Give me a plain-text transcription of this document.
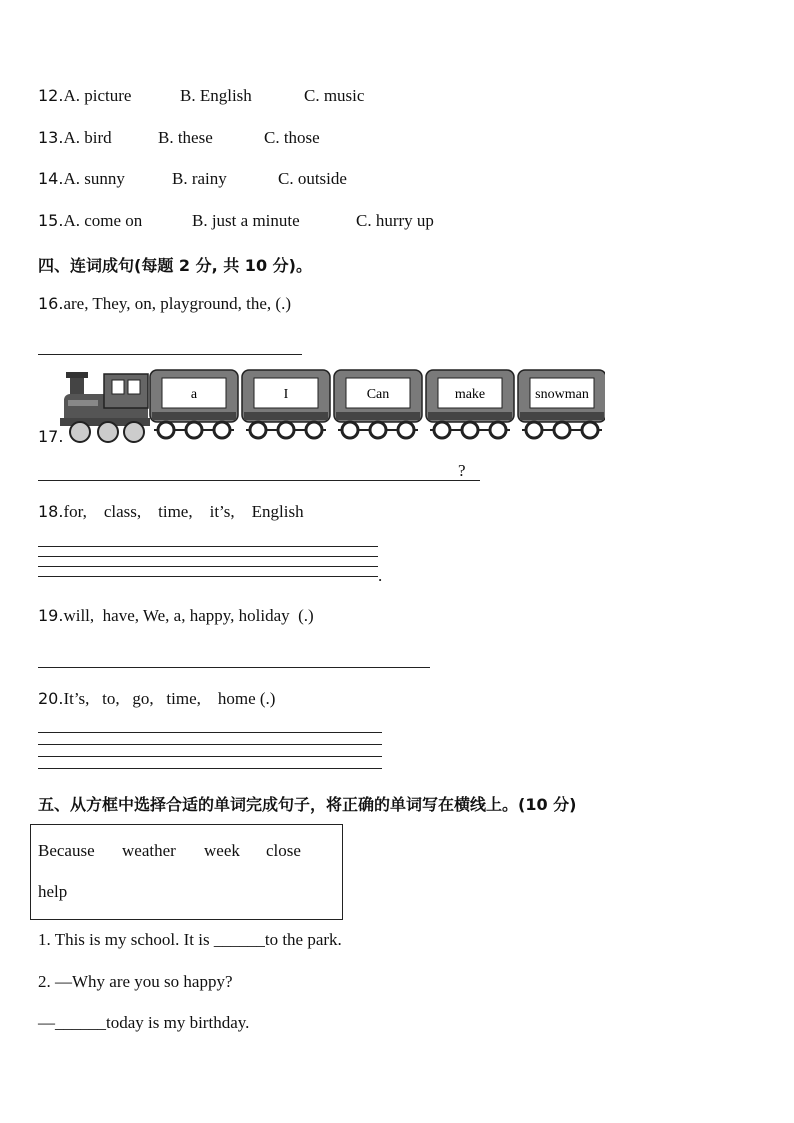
12.A. picture	B. English	C. music
13.A. bird	B. these	C. those
14.A. sunny	B. rainy	C. outside
15.A. come on	B. just a minute	C. hurry up
四、连词成句(每题 2 分, 共 10 分)。
16.are, They, on, playground, the, (.)
17.
a	I	Can	make	snowman
?
18.for,    class,    time,    it’s,    English
.
19.will,  have, We, a, happy, holiday  (.)
20.It’s,   to,   go,   time,    home (.)
五、从方框中选择合适的单词完成句子，将正确的单词写在横线上。(10 分)
Because weather week close
help
1. This is my school. It is ______to the park.
2. —Why are you so happy?
—______today is my birthday.
